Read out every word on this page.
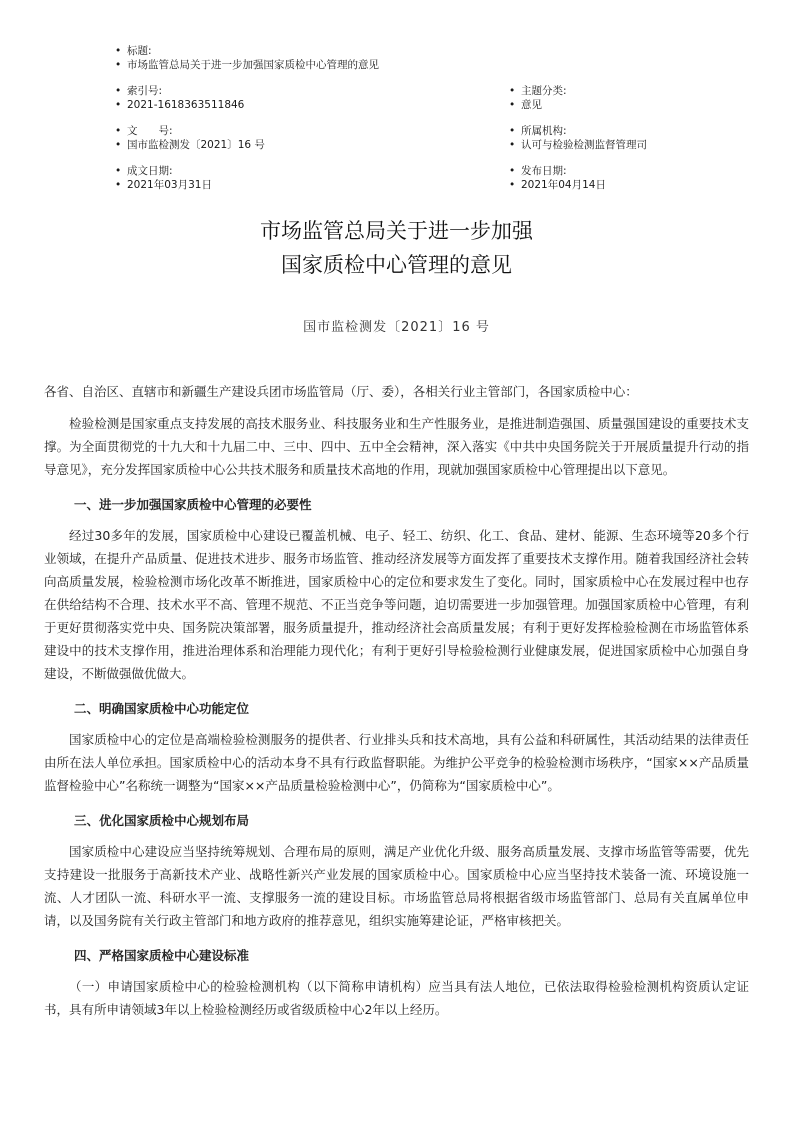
• 标题:
• 市场监管总局关于进一步加强国家质检中心管理的意见
• 索引号:
• 2021-1618363511846
• 主题分类:
• 意见
• 文　　号:
• 国市监检测发〔2021〕16 号
• 所属机构:
• 认可与检验检测监督管理司
• 成文日期:
• 2021年03月31日
• 发布日期:
• 2021年04月14日
市场监管总局关于进一步加强
国家质检中心管理的意见
国市监检测发〔2021〕16 号

各省、自治区、直辖市和新疆生产建设兵团市场监管局（厅、委），各相关行业主管部门，各国家质检中心：

检验检测是国家重点支持发展的高技术服务业、科技服务业和生产性服务业，是推进制造强国、质量强国建设的重要技术支撑。为全面贯彻党的十九大和十九届二中、三中、四中、五中全会精神，深入落实《中共中央国务院关于开展质量提升行动的指导意见》，充分发挥国家质检中心公共技术服务和质量技术高地的作用，现就加强国家质检中心管理提出以下意见。

一、进一步加强国家质检中心管理的必要性

经过30多年的发展，国家质检中心建设已覆盖机械、电子、轻工、纺织、化工、食品、建材、能源、生态环境等20多个行业领域，在提升产品质量、促进技术进步、服务市场监管、推动经济发展等方面发挥了重要技术支撑作用。随着我国经济社会转向高质量发展，检验检测市场化改革不断推进，国家质检中心的定位和要求发生了变化。同时，国家质检中心在发展过程中也存在供给结构不合理、技术水平不高、管理不规范、不正当竞争等问题，迫切需要进一步加强管理。加强国家质检中心管理，有利于更好贯彻落实党中央、国务院决策部署，服务质量提升，推动经济社会高质量发展；有利于更好发挥检验检测在市场监管体系建设中的技术支撑作用，推进治理体系和治理能力现代化；有利于更好引导检验检测行业健康发展，促进国家质检中心加强自身建设，不断做强做优做大。

二、明确国家质检中心功能定位

国家质检中心的定位是高端检验检测服务的提供者、行业排头兵和技术高地，具有公益和科研属性，其活动结果的法律责任由所在法人单位承担。国家质检中心的活动本身不具有行政监督职能。为维护公平竞争的检验检测市场秩序，“国家××产品质量监督检验中心”名称统一调整为“国家××产品质量检验检测中心”，仍简称为“国家质检中心”。

三、优化国家质检中心规划布局

国家质检中心建设应当坚持统筹规划、合理布局的原则，满足产业优化升级、服务高质量发展、支撑市场监管等需要，优先支持建设一批服务于高新技术产业、战略性新兴产业发展的国家质检中心。国家质检中心应当坚持技术装备一流、环境设施一流、人才团队一流、科研水平一流、支撑服务一流的建设目标。市场监管总局将根据省级市场监管部门、总局有关直属单位申请，以及国务院有关行政主管部门和地方政府的推荐意见，组织实施筹建论证，严格审核把关。

四、严格国家质检中心建设标准

（一）申请国家质检中心的检验检测机构（以下简称申请机构）应当具有法人地位，已依法取得检验检测机构资质认定证书，具有所申请领域3年以上检验检测经历或省级质检中心2年以上经历。
